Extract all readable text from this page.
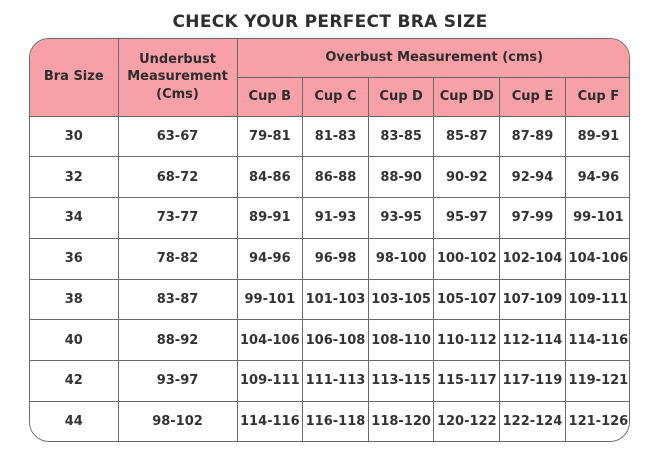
CHECK YOUR PERFECT BRA SIZE
Bra Size	Underbust
Measurement
(Cms)	Overbust Measurement (cms)					
		Cup B	Cup C	Cup D	Cup DD	Cup E	Cup F
30	63-67	79-81	81-83	83-85	85-87	87-89	89-91
32	68-72	84-86	86-88	88-90	90-92	92-94	94-96
34	73-77	89-91	91-93	93-95	95-97	97-99	99-101
36	78-82	94-96	96-98	98-100	100-102	102-104	104-106
38	83-87	99-101	101-103	103-105	105-107	107-109	109-111
40	88-92	104-106	106-108	108-110	110-112	112-114	114-116
42	93-97	109-111	111-113	113-115	115-117	117-119	119-121
44	98-102	114-116	116-118	118-120	120-122	122-124	121-126
